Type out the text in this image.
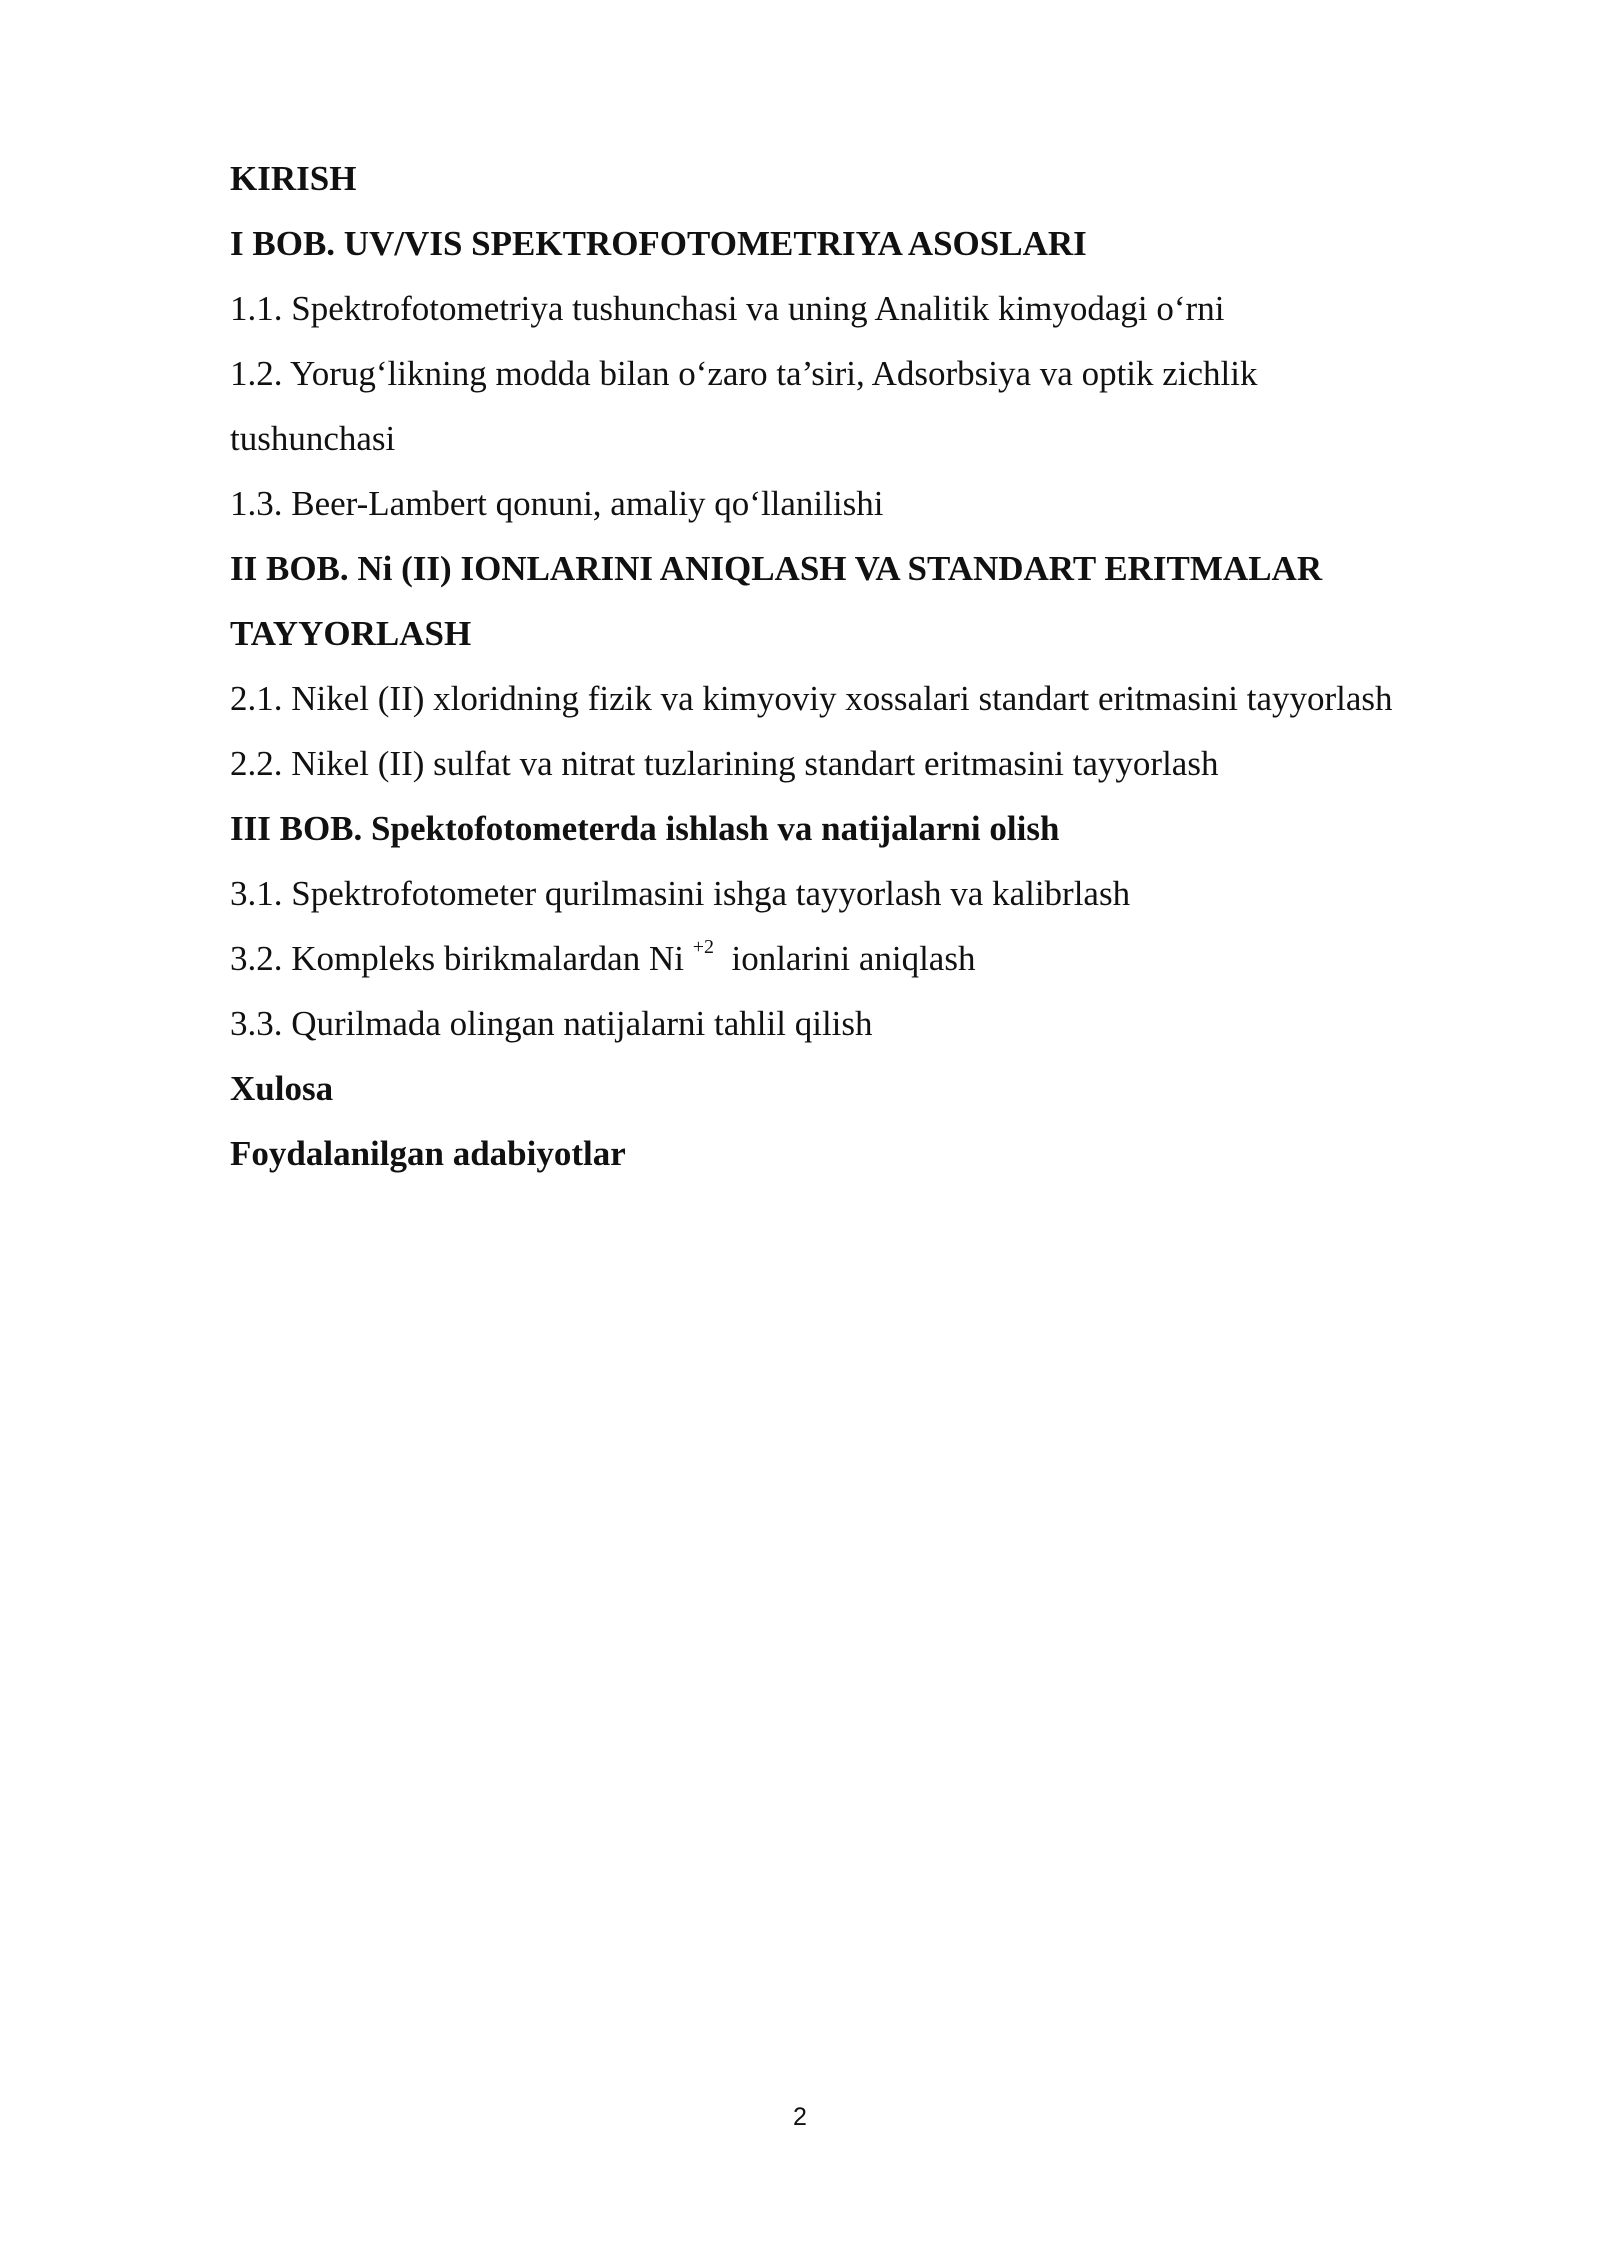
KIRISH

I BOB. UV/VIS SPEKTROFOTOMETRIYA ASOSLARI

1.1. Spektrofotometriya tushunchasi va uning Analitik kimyodagi o‘rni

1.2. Yorug‘likning modda bilan o‘zaro ta’siri, Adsorbsiya va optik zichlik

tushunchasi

1.3. Beer-Lambert qonuni, amaliy qo‘llanilishi

II BOB. Ni (II) IONLARINI ANIQLASH VA STANDART ERITMALAR

TAYYORLASH

2.1. Nikel (II) xloridning fizik va kimyoviy xossalari standart eritmasini tayyorlash

2.2. Nikel (II) sulfat va nitrat tuzlarining standart eritmasini tayyorlash

III BOB. Spektofotometerda ishlash va natijalarni olish

3.1. Spektrofotometer qurilmasini ishga tayyorlash va kalibrlash

3.2. Kompleks birikmalardan Ni $^{+2}$  ionlarini aniqlash

3.3. Qurilmada olingan natijalarni tahlil qilish

Xulosa

Foydalanilgan adabiyotlar

2
